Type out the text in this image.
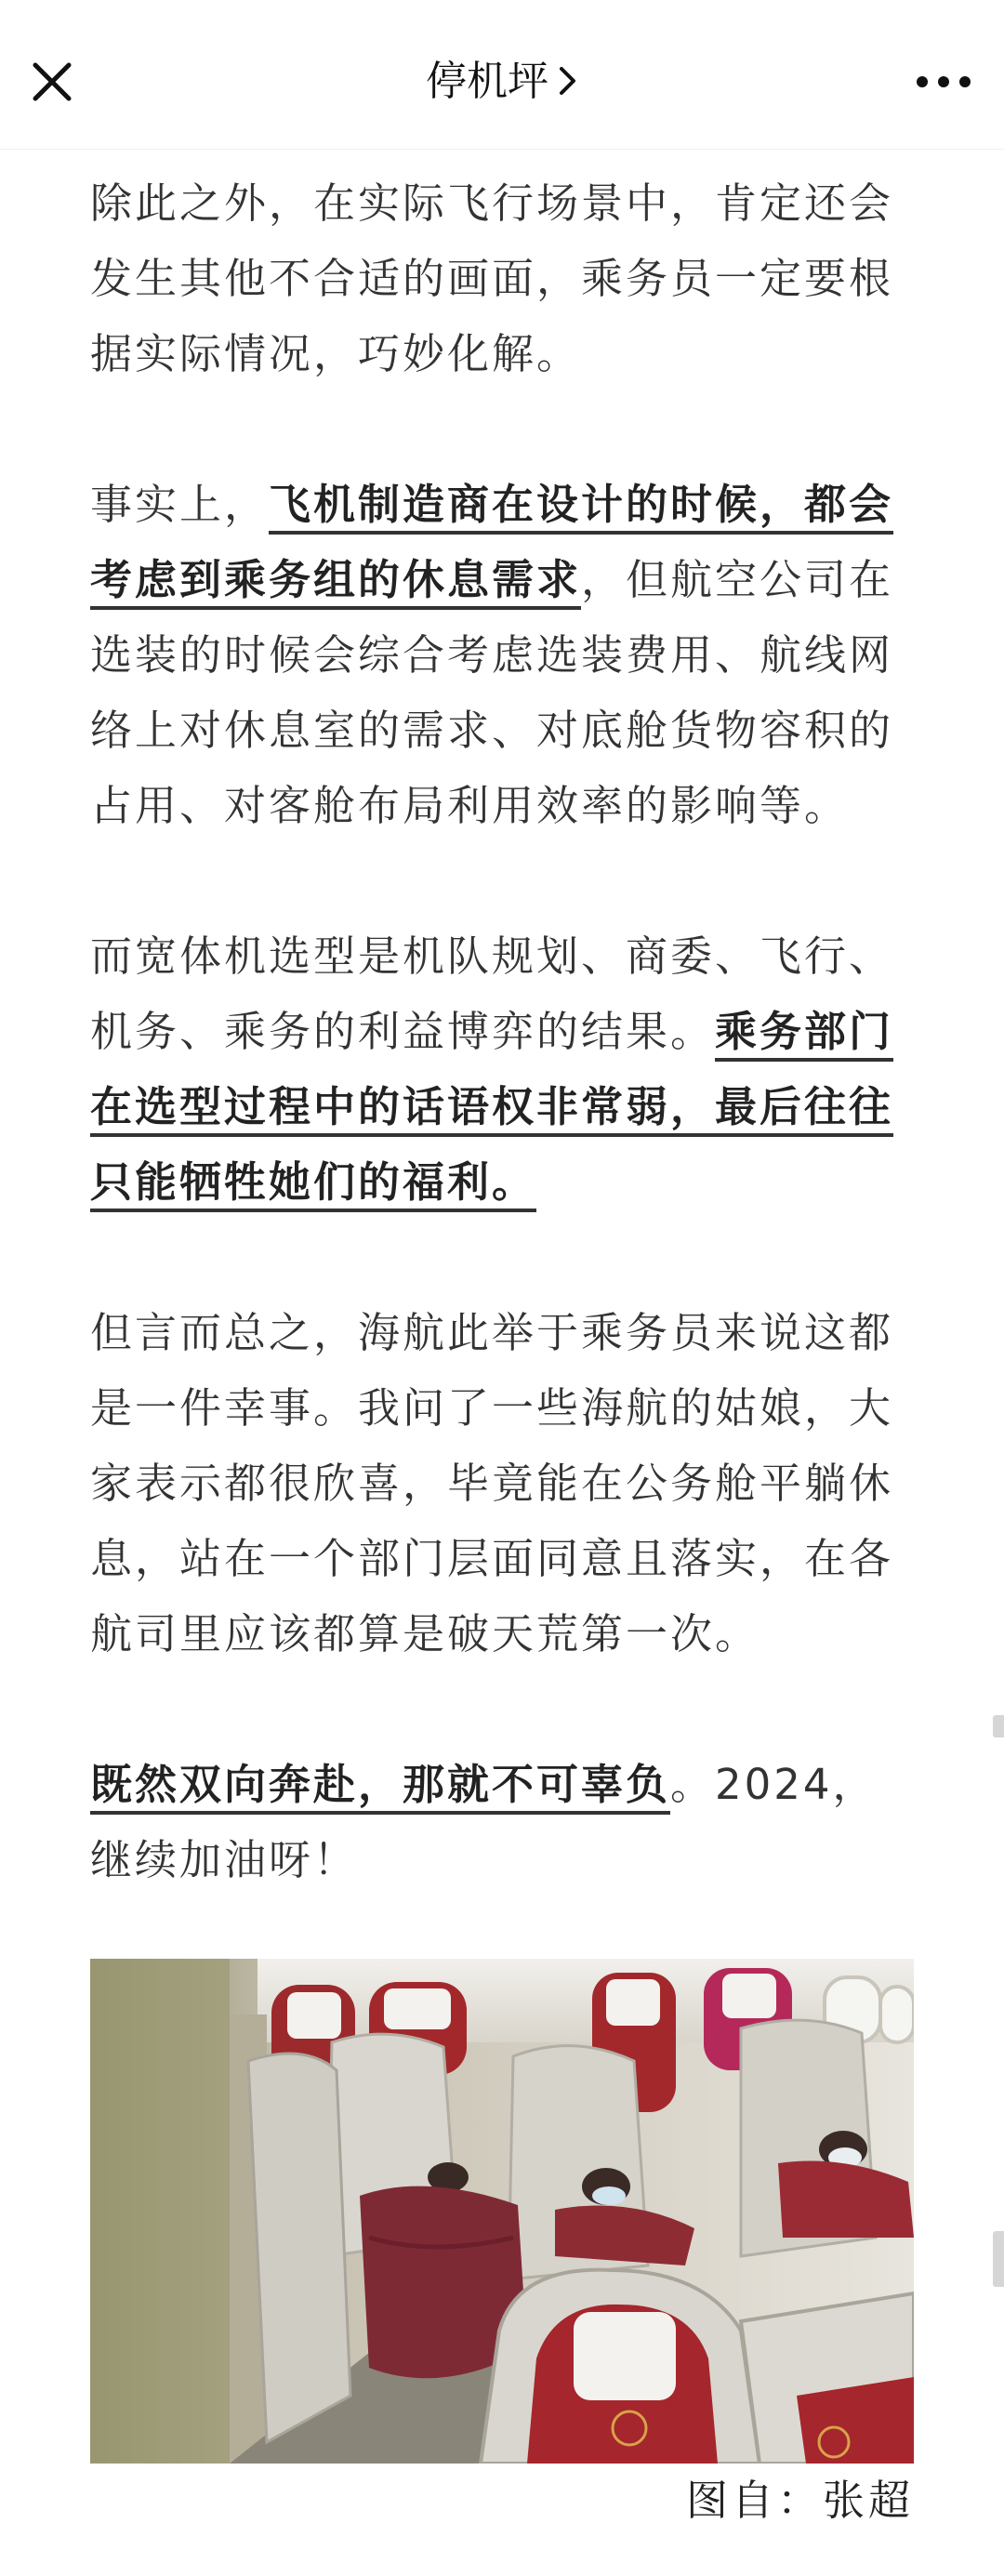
停机坪

除此之外，在实际飞行场景中，肯定还会发生其他不合适的画面，乘务员一定要根据实际情况，巧妙化解。

事实上，飞机制造商在设计的时候，都会考虑到乘务组的休息需求，但航空公司在选装的时候会综合考虑选装费用、航线网络上对休息室的需求、对底舱货物容积的占用、对客舱布局利用效率的影响等。

而宽体机选型是机队规划、商委、飞行、机务、乘务的利益博弈的结果。乘务部门在选型过程中的话语权非常弱，最后往往只能牺牲她们的福利。

但言而总之，海航此举于乘务员来说这都是一件幸事。我问了一些海航的姑娘，大家表示都很欣喜，毕竟能在公务舱平躺休息，站在一个部门层面同意且落实，在各航司里应该都算是破天荒第一次。

既然双向奔赴，那就不可辜负。2024，继续加油呀！

图自：张超
